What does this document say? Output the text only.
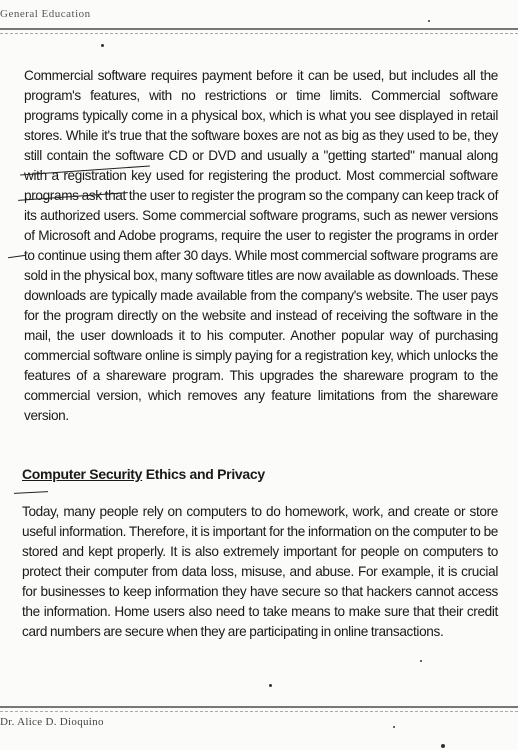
General Education

Commercial software requires payment before it can be used, but includes all the program's features, with no restrictions or time limits. Commercial software programs typically come in a physical box, which is what you see displayed in retail stores. While it's true that the software boxes are not as big as they used to be, they still contain the software CD or DVD and usually a "getting started" manual along with a registration key used for registering the product. Most commercial software programs ask that the user to register the program so the company can keep track of its authorized users. Some commercial software programs, such as newer versions of Microsoft and Adobe programs, require the user to register the programs in order to continue using them after 30 days. While most commercial software programs are sold in the physical box, many software titles are now available as downloads. These downloads are typically made available from the company's website. The user pays for the program directly on the website and instead of receiving the software in the mail, the user downloads it to his computer. Another popular way of purchasing commercial software online is simply paying for a registration key, which unlocks the features of a shareware program. This upgrades the shareware program to the commercial version, which removes any feature limitations from the shareware version.

Computer Security Ethics and Privacy

Today, many people rely on computers to do homework, work, and create or store useful information. Therefore, it is important for the information on the computer to be stored and kept properly. It is also extremely important for people on computers to protect their computer from data loss, misuse, and abuse. For example, it is crucial for businesses to keep information they have secure so that hackers cannot access the information. Home users also need to take means to make sure that their credit card numbers are secure when they are participating in online transactions.

Dr. Alice D. Dioquino
